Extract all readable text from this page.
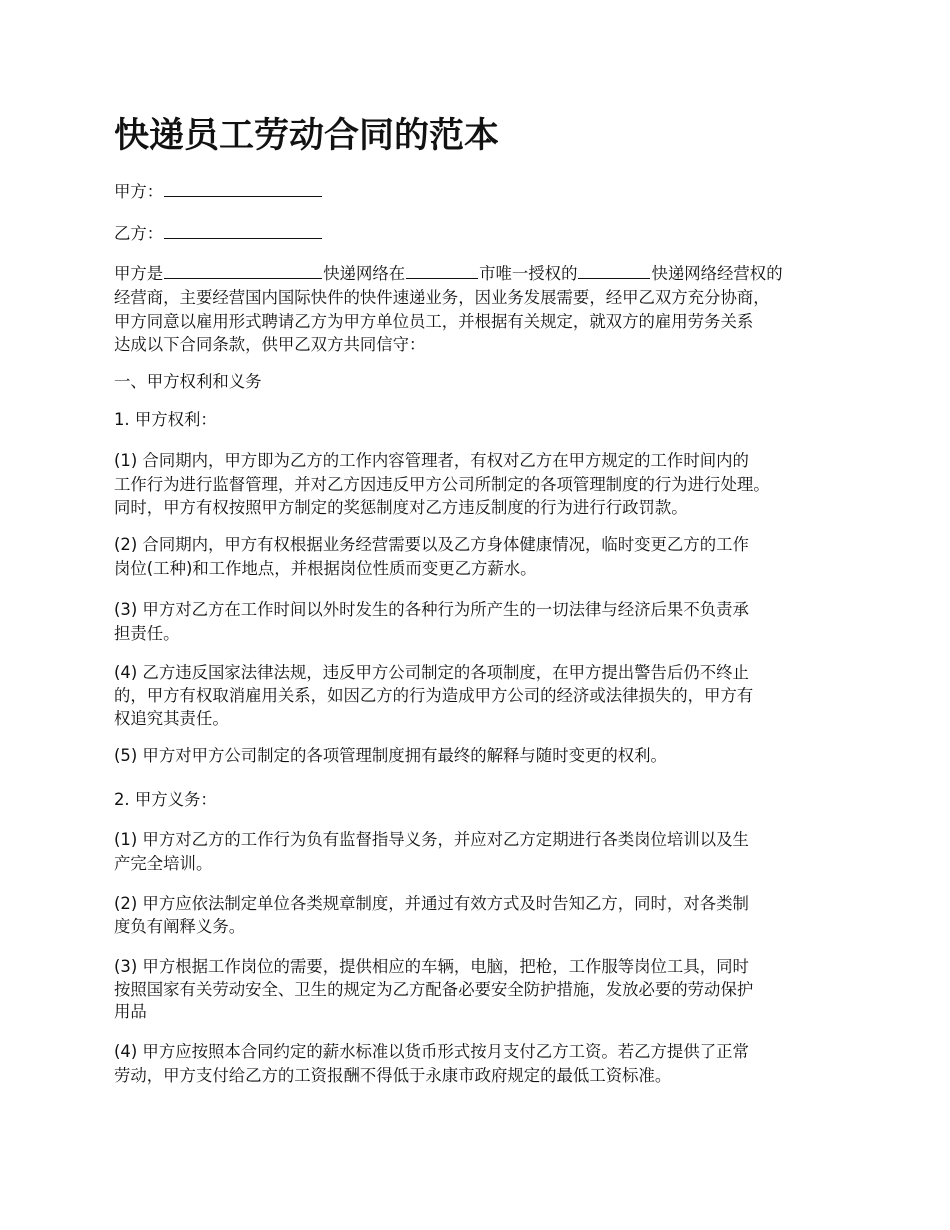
快递员工劳动合同的范本

甲方：

乙方：

甲方是	快递网络在	市唯一授权的	快递网络经营权的

经营商，主要经营国内国际快件的快件速递业务，因业务发展需要，经甲乙双方充分协商，

甲方同意以雇用形式聘请乙方为甲方单位员工，并根据有关规定，就双方的雇用劳务关系

达成以下合同条款，供甲乙双方共同信守：

一、甲方权利和义务

1. 甲方权利：

(1) 合同期内，甲方即为乙方的工作内容管理者，有权对乙方在甲方规定的工作时间内的

工作行为进行监督管理，并对乙方因违反甲方公司所制定的各项管理制度的行为进行处理。

同时，甲方有权按照甲方制定的奖惩制度对乙方违反制度的行为进行行政罚款。

(2) 合同期内，甲方有权根据业务经营需要以及乙方身体健康情况，临时变更乙方的工作

岗位(工种)和工作地点，并根据岗位性质而变更乙方薪水。

(3) 甲方对乙方在工作时间以外时发生的各种行为所产生的一切法律与经济后果不负责承

担责任。

(4) 乙方违反国家法律法规，违反甲方公司制定的各项制度，在甲方提出警告后仍不终止

的，甲方有权取消雇用关系，如因乙方的行为造成甲方公司的经济或法律损失的，甲方有

权追究其责任。

(5) 甲方对甲方公司制定的各项管理制度拥有最终的解释与随时变更的权利。

2. 甲方义务：

(1) 甲方对乙方的工作行为负有监督指导义务，并应对乙方定期进行各类岗位培训以及生

产完全培训。

(2) 甲方应依法制定单位各类规章制度，并通过有效方式及时告知乙方，同时，对各类制

度负有阐释义务。

(3) 甲方根据工作岗位的需要，提供相应的车辆，电脑，把枪，工作服等岗位工具，同时

按照国家有关劳动安全、卫生的规定为乙方配备必要安全防护措施，发放必要的劳动保护

用品

(4) 甲方应按照本合同约定的薪水标准以货币形式按月支付乙方工资。若乙方提供了正常

劳动，甲方支付给乙方的工资报酬不得低于永康市政府规定的最低工资标准。
